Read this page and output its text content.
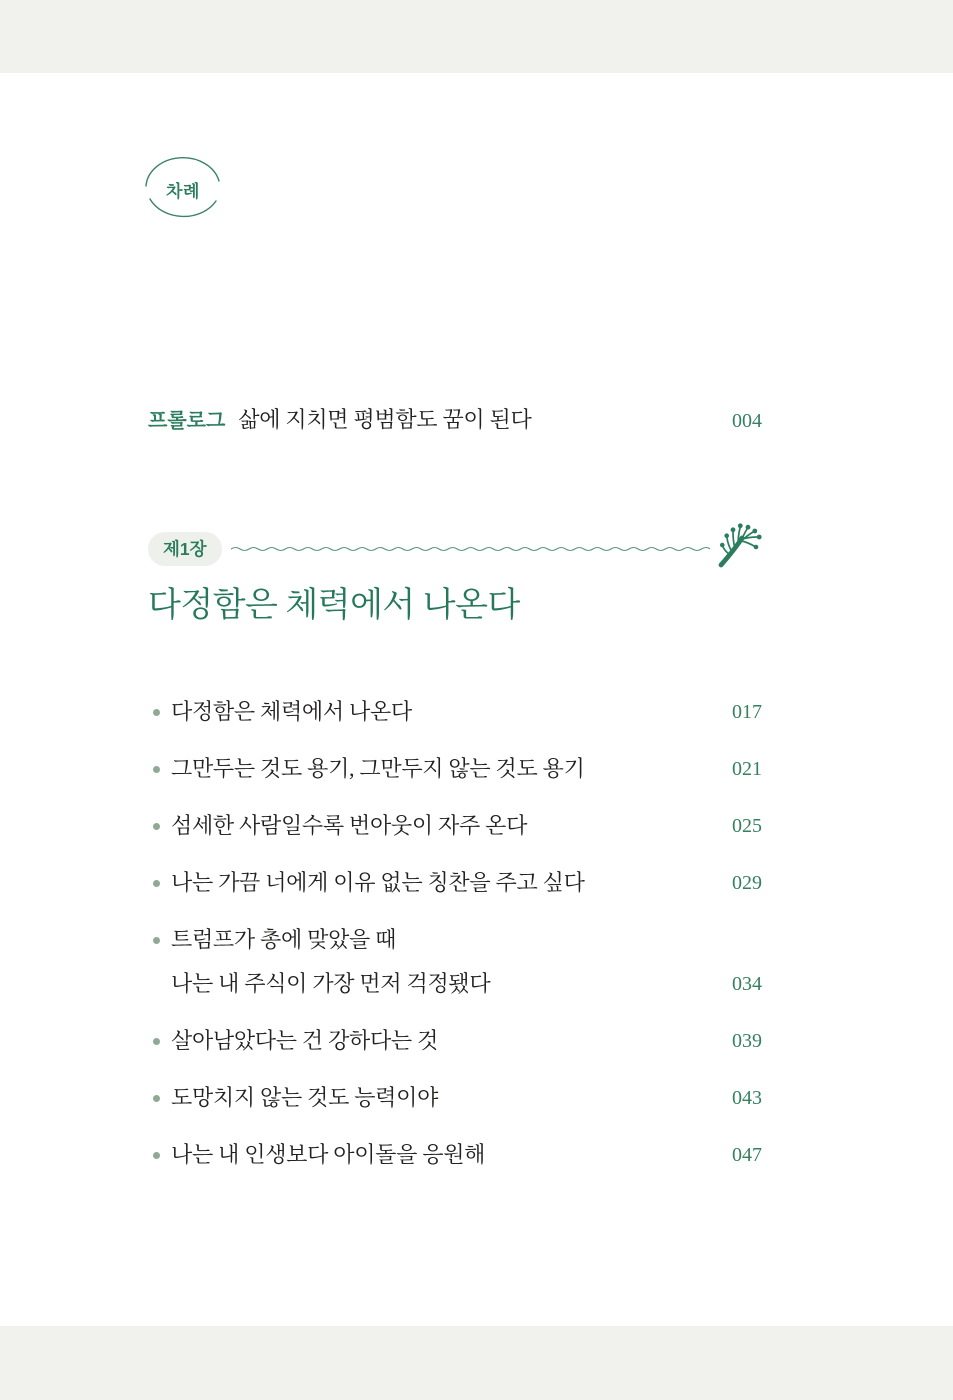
차례
프롤로그 삶에 지치면 평범함도 꿈이 된다	004
제1장
다정함은 체력에서 나온다
다정함은 체력에서 나온다	017
그만두는 것도 용기, 그만두지 않는 것도 용기	021
섬세한 사람일수록 번아웃이 자주 온다	025
나는 가끔 너에게 이유 없는 칭찬을 주고 싶다	029
트럼프가 총에 맞았을 때
나는 내 주식이 가장 먼저 걱정됐다	034
살아남았다는 건 강하다는 것	039
도망치지 않는 것도 능력이야	043
나는 내 인생보다 아이돌을 응원해	047
